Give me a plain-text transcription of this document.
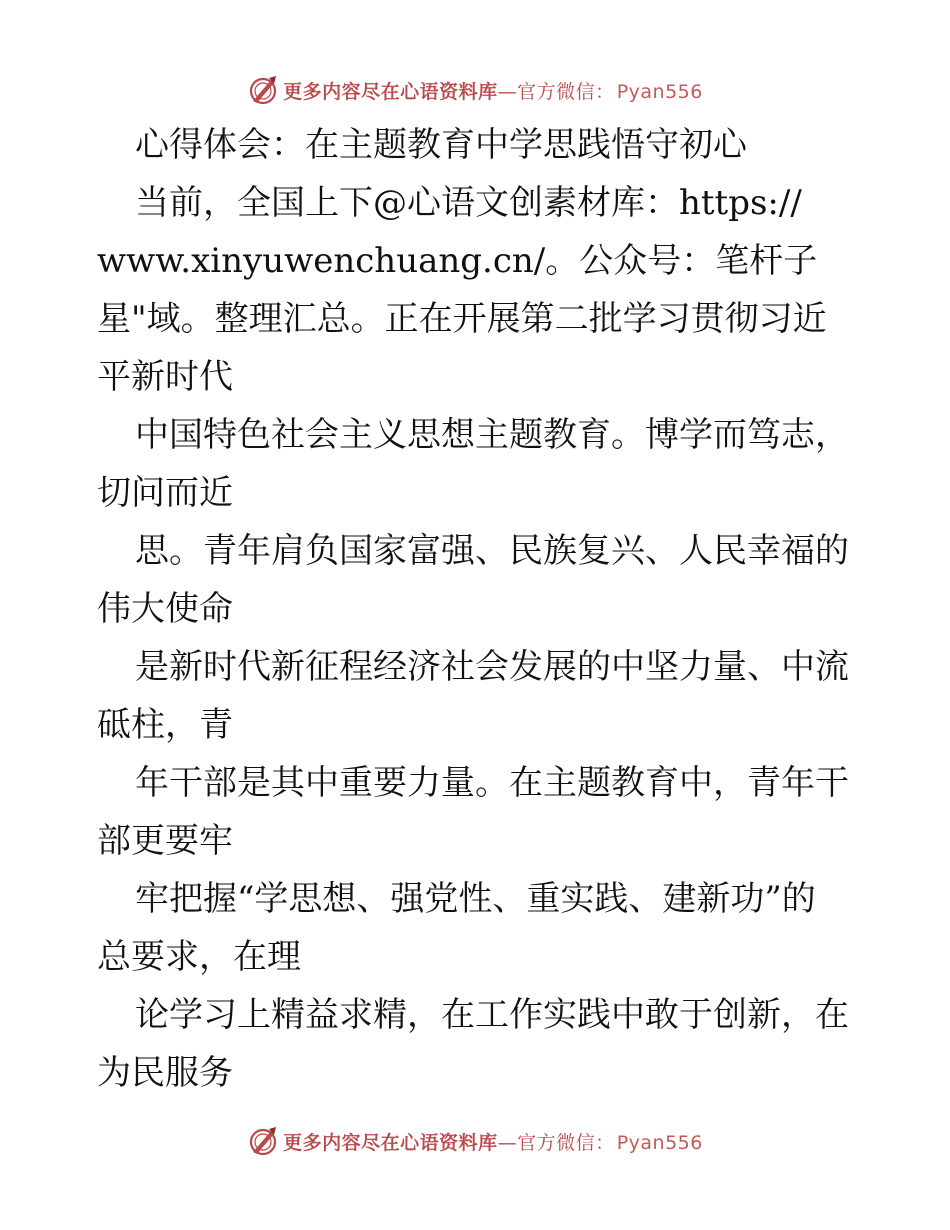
更多内容尽在心语资料库—官方微信： Pyan556
心得体会：在主题教育中学思践悟守初心
当前，全国上下@心语文创素材库：https://
www.xinyuwenchuang.cn/。公众号：笔杆子
星"域。整理汇总。正在开展第二批学习贯彻习近
平新时代
中国特色社会主义思想主题教育。博学而笃志，
切问而近
思。青年肩负国家富强、民族复兴、人民幸福的
伟大使命
是新时代新征程经济社会发展的中坚力量、中流
砥柱，青
年干部是其中重要力量。在主题教育中，青年干
部更要牢
牢把握“学思想、强党性、重实践、建新功”的
总要求，在理
论学习上精益求精，在工作实践中敢于创新，在
为民服务
更多内容尽在心语资料库—官方微信： Pyan556
